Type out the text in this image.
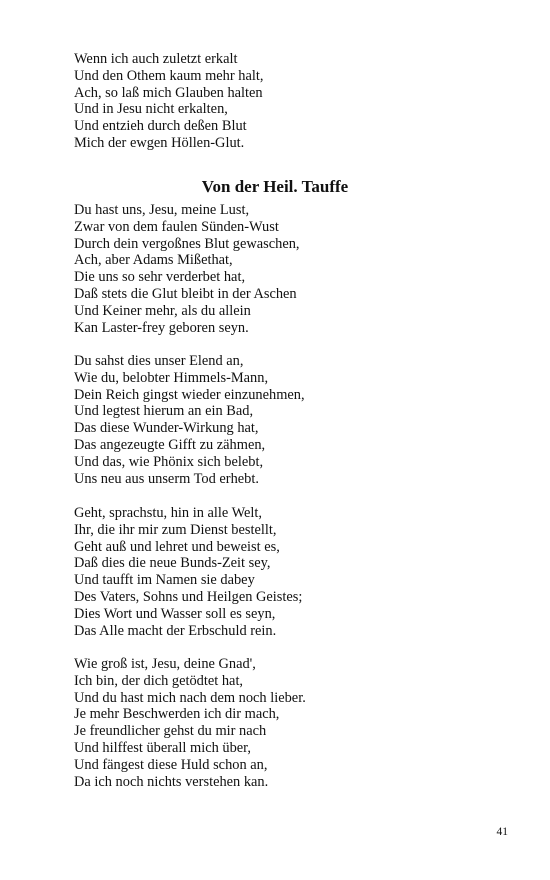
Wenn ich auch zuletzt erkalt
Und den Othem kaum mehr halt,
Ach, so laß mich Glauben halten
Und in Jesu nicht erkalten,
Und entzieh durch deßen Blut
Mich der ewgen Höllen-Glut.
Von der Heil. Tauffe
Du hast uns, Jesu, meine Lust,
Zwar von dem faulen Sünden-Wust
Durch dein vergoßnes Blut gewaschen,
Ach, aber Adams Mißethat,
Die uns so sehr verderbet hat,
Daß stets die Glut bleibt in der Aschen
Und Keiner mehr, als du allein
Kan Laster-frey geboren seyn.
Du sahst dies unser Elend an,
Wie du, belobter Himmels-Mann,
Dein Reich gingst wieder einzunehmen,
Und legtest hierum an ein Bad,
Das diese Wunder-Wirkung hat,
Das angezeugte Gifft zu zähmen,
Und das, wie Phönix sich belebt,
Uns neu aus unserm Tod erhebt.
Geht, sprachstu, hin in alle Welt,
Ihr, die ihr mir zum Dienst bestellt,
Geht auß und lehret und beweist es,
Daß dies die neue Bunds-Zeit sey,
Und taufft im Namen sie dabey
Des Vaters, Sohns und Heilgen Geistes;
Dies Wort und Wasser soll es seyn,
Das Alle macht der Erbschuld rein.
Wie groß ist, Jesu, deine Gnad',
Ich bin, der dich getödtet hat,
Und du hast mich nach dem noch lieber.
Je mehr Beschwerden ich dir mach,
Je freundlicher gehst du mir nach
Und hilffest überall mich über,
Und fängest diese Huld schon an,
Da ich noch nichts verstehen kan.
41
